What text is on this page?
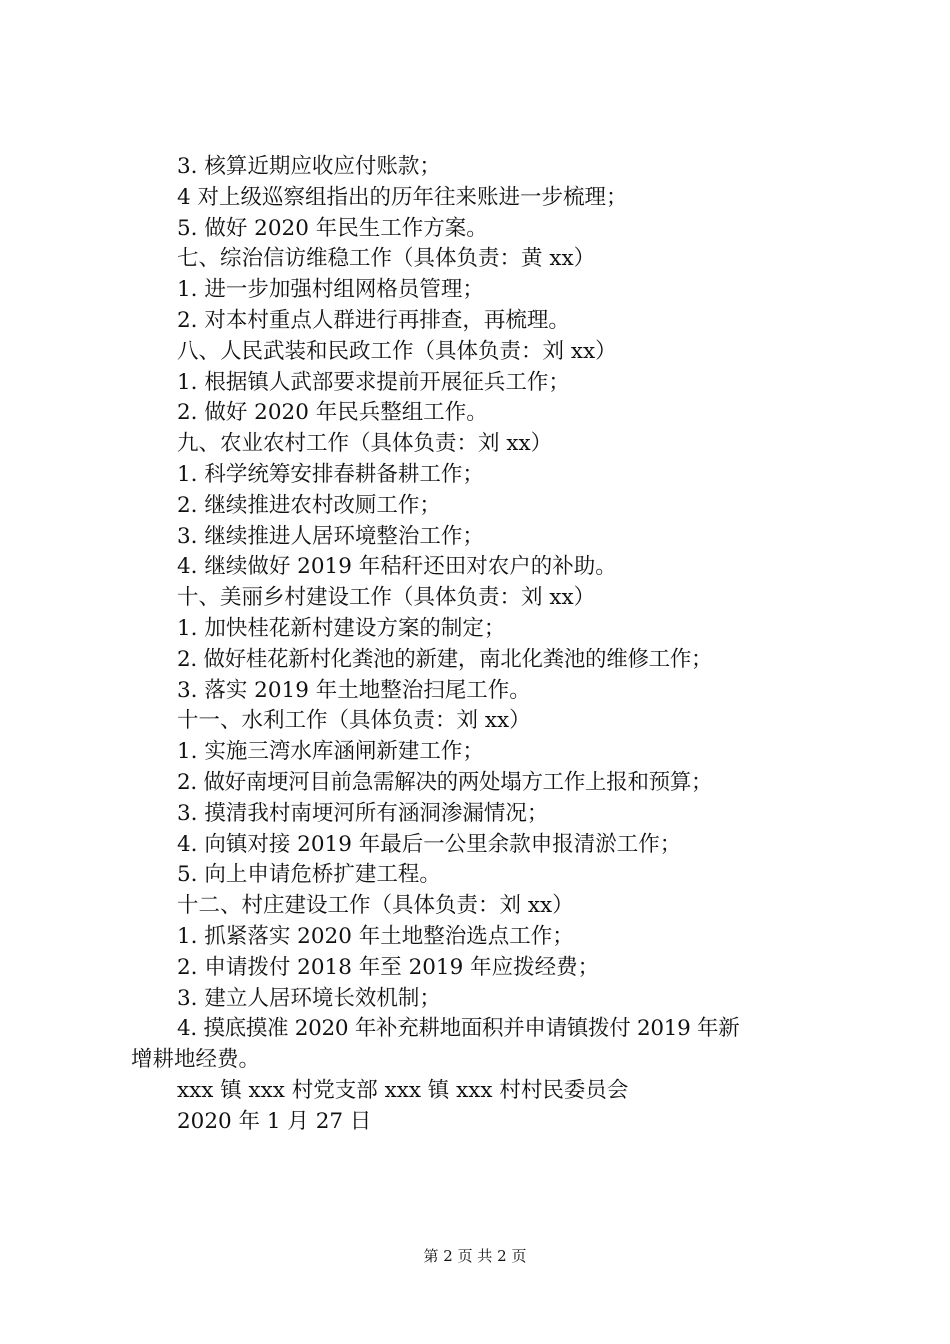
3. 核算近期应收应付账款；
4 对上级巡察组指出的历年往来账进一步梳理；
5. 做好 2020 年民生工作方案。
七、综治信访维稳工作（具体负责：黄 xx）
1. 进一步加强村组网格员管理；
2. 对本村重点人群进行再排查，再梳理。
八、人民武装和民政工作（具体负责：刘 xx）
1. 根据镇人武部要求提前开展征兵工作；
2. 做好 2020 年民兵整组工作。
九、农业农村工作（具体负责：刘 xx）
1. 科学统筹安排春耕备耕工作；
2. 继续推进农村改厕工作；
3. 继续推进人居环境整治工作；
4. 继续做好 2019 年秸秆还田对农户的补助。
十、美丽乡村建设工作（具体负责：刘 xx）
1. 加快桂花新村建设方案的制定；
2. 做好桂花新村化粪池的新建，南北化粪池的维修工作；
3. 落实 2019 年土地整治扫尾工作。
十一、水利工作（具体负责：刘 xx）
1. 实施三湾水库涵闸新建工作；
2. 做好南埂河目前急需解决的两处塌方工作上报和预算；
3. 摸清我村南埂河所有涵洞渗漏情况；
4. 向镇对接 2019 年最后一公里余款申报清淤工作；
5. 向上申请危桥扩建工程。
十二、村庄建设工作（具体负责：刘 xx）
1. 抓紧落实 2020 年土地整治选点工作；
2. 申请拨付 2018 年至 2019 年应拨经费；
3. 建立人居环境长效机制；
4. 摸底摸准 2020 年补充耕地面积并申请镇拨付 2019 年新
增耕地经费。
xxx 镇 xxx 村党支部 xxx 镇 xxx 村村民委员会
2020 年 1 月 27 日
第 2 页 共 2 页
